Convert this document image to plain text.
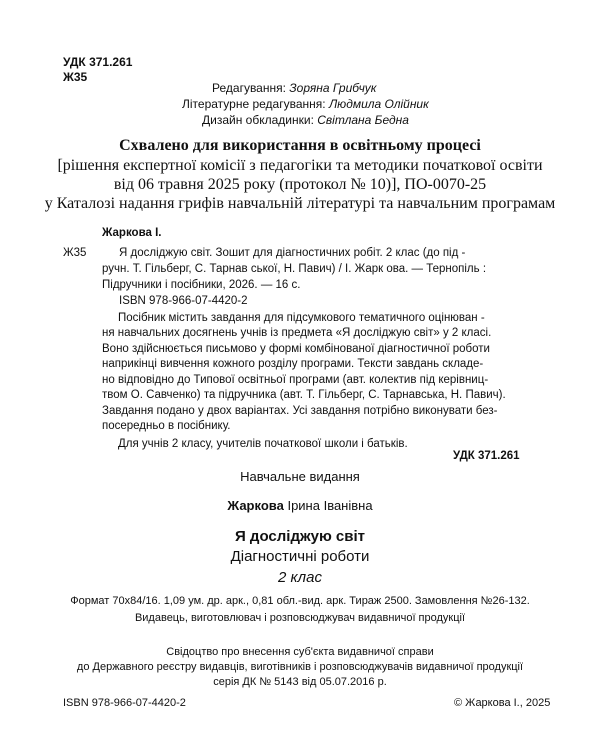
УДК 371.261
Ж35
Редагування: Зоряна Грибчук
Літературне редагування: Людмила Олійник
Дизайн обкладинки: Світлана Бедна
Схвалено для використання в освітньому процесі
[рішення експертної комісії з педагогіки та методики початкової освіти
від 06 травня 2025 року (протокол № 10)], ПО-0070-25
у Каталозі надання грифів навчальній літературі та навчальним програмам
Жаркова І.
Ж35	Я досліджую світ. Зошит для діагностичних робіт. 2 клас (до під -
ручн. Т. Гільберг, С. Тарнав ської, Н. Павич) / І. Жарк ова. — Тернопіль :
Підручники і посібники, 2026. — 16 с.
ISBN 978-966-07-4420-2
Посібник містить завдання для підсумкового тематичного оцінюван -
ня навчальних досягнень учнів із предмета «Я досліджую світ» у 2 класі.
Воно здійснюється письмово у формі комбінованої діагностичної роботи
наприкінці вивчення кожного розділу програми. Тексти завдань складе-
но відповідно до Типової освітньої програми (авт. колектив під керівниц-
твом О. Савченко) та підручника (авт. Т. Гільберг, С. Тарнавська, Н. Павич).
Завдання подано у двох варіантах. Усі завдання потрібно виконувати без-
посередньо в посібнику.
Для учнів 2 класу, учителів початкової школи і батьків.
УДК 371.261
Навчальне видання
Жаркова Ірина Іванівна
Я досліджую світ
Діагностичні роботи
2 клас
Формат 70х84/16. 1,09 ум. др. арк., 0,81 обл.-вид. арк. Тираж 2500. Замовлення №26-132.
Видавець, виготовлювач і розповсюджувач видавничої продукції
Свідоцтво про внесення суб'єкта видавничої справи
до Державного реєстру видавців, виготівників і розповсюджувачів видавничої продукції
серія ДК № 5143 від 05.07.2016 р.
ISBN 978-966-07-4420-2	© Жаркова І., 2025
